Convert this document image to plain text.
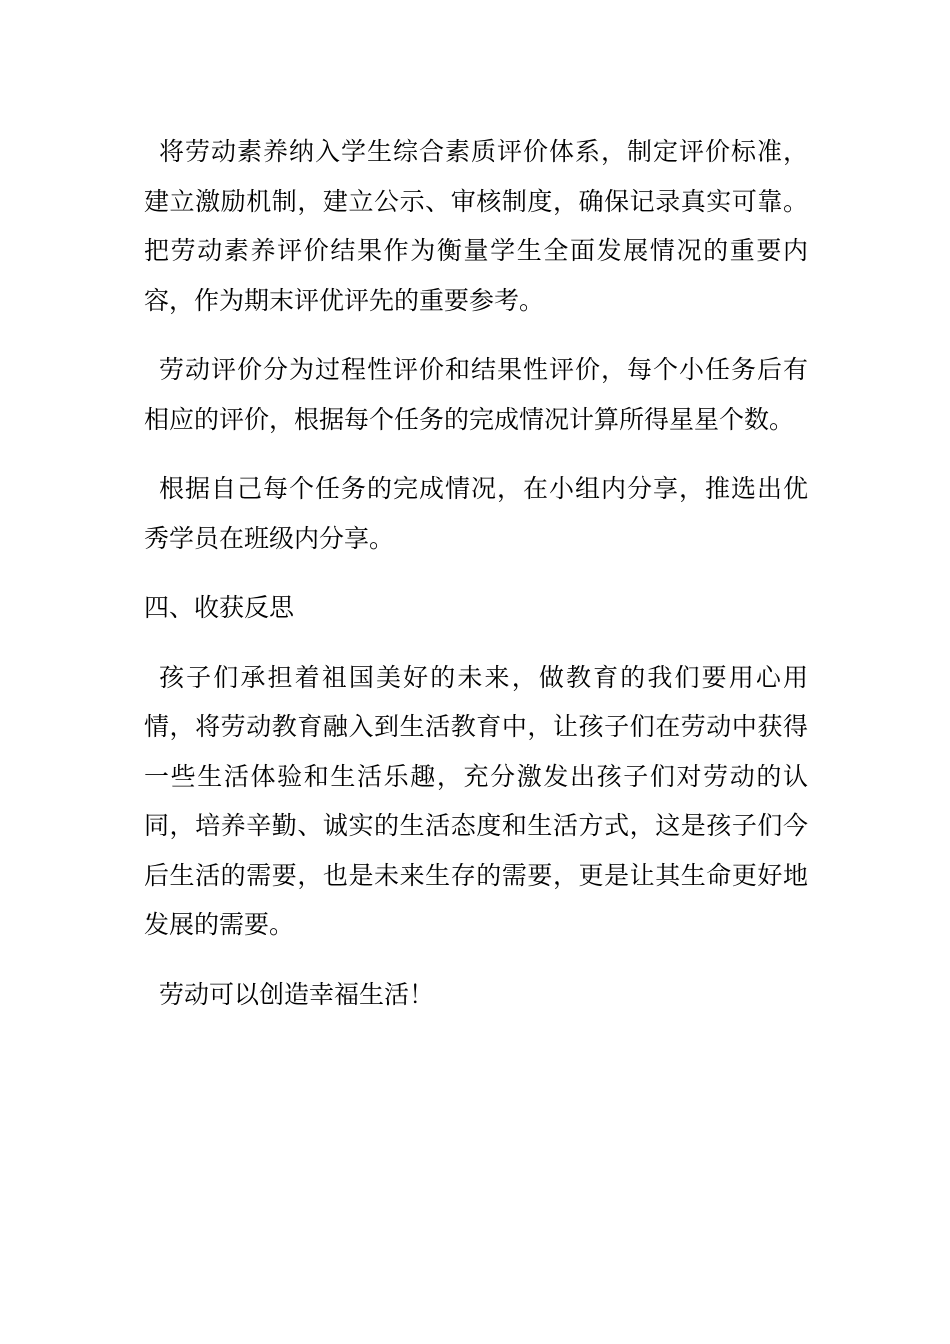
将劳动素养纳入学生综合素质评价体系，制定评价标准，建立激励机制，建立公示、审核制度，确保记录真实可靠。把劳动素养评价结果作为衡量学生全面发展情况的重要内容，作为期末评优评先的重要参考。

劳动评价分为过程性评价和结果性评价，每个小任务后有相应的评价，根据每个任务的完成情况计算所得星星个数。

根据自己每个任务的完成情况，在小组内分享，推选出优秀学员在班级内分享。

四、收获反思

孩子们承担着祖国美好的未来，做教育的我们要用心用情，将劳动教育融入到生活教育中，让孩子们在劳动中获得一些生活体验和生活乐趣，充分激发出孩子们对劳动的认同，培养辛勤、诚实的生活态度和生活方式，这是孩子们今后生活的需要，也是未来生存的需要，更是让其生命更好地发展的需要。

劳动可以创造幸福生活！
